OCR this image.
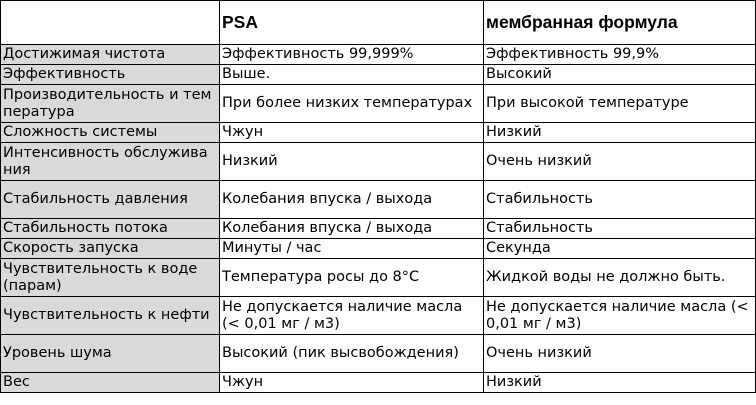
	PSA	мембранная формула
Достижимая чистота	Эффективность 99,999%	Эффективность 99,9%
Эффективность	Выше.	Высокий
Производительность и температура	При более низких температурах	При высокой температуре
Сложность системы	Чжун	Низкий
Интенсивность обслуживания	Низкий	Очень низкий
Стабильность давления	Колебания впуска / выхода	Стабильность
Стабильность потока	Колебания впуска / выхода	Стабильность
Скорость запуска	Минуты / час	Секунда
Чувствительность к воде (парам)	Температура росы до 8°C	Жидкой воды не должно быть.
Чувствительность к нефти	Не допускается наличие масла (< 0,01 мг / м3)	Не допускается наличие масла (< 0,01 мг / м3)
Уровень шума	Высокий (пик высвобождения)	Очень низкий
Вес	Чжун	Низкий
